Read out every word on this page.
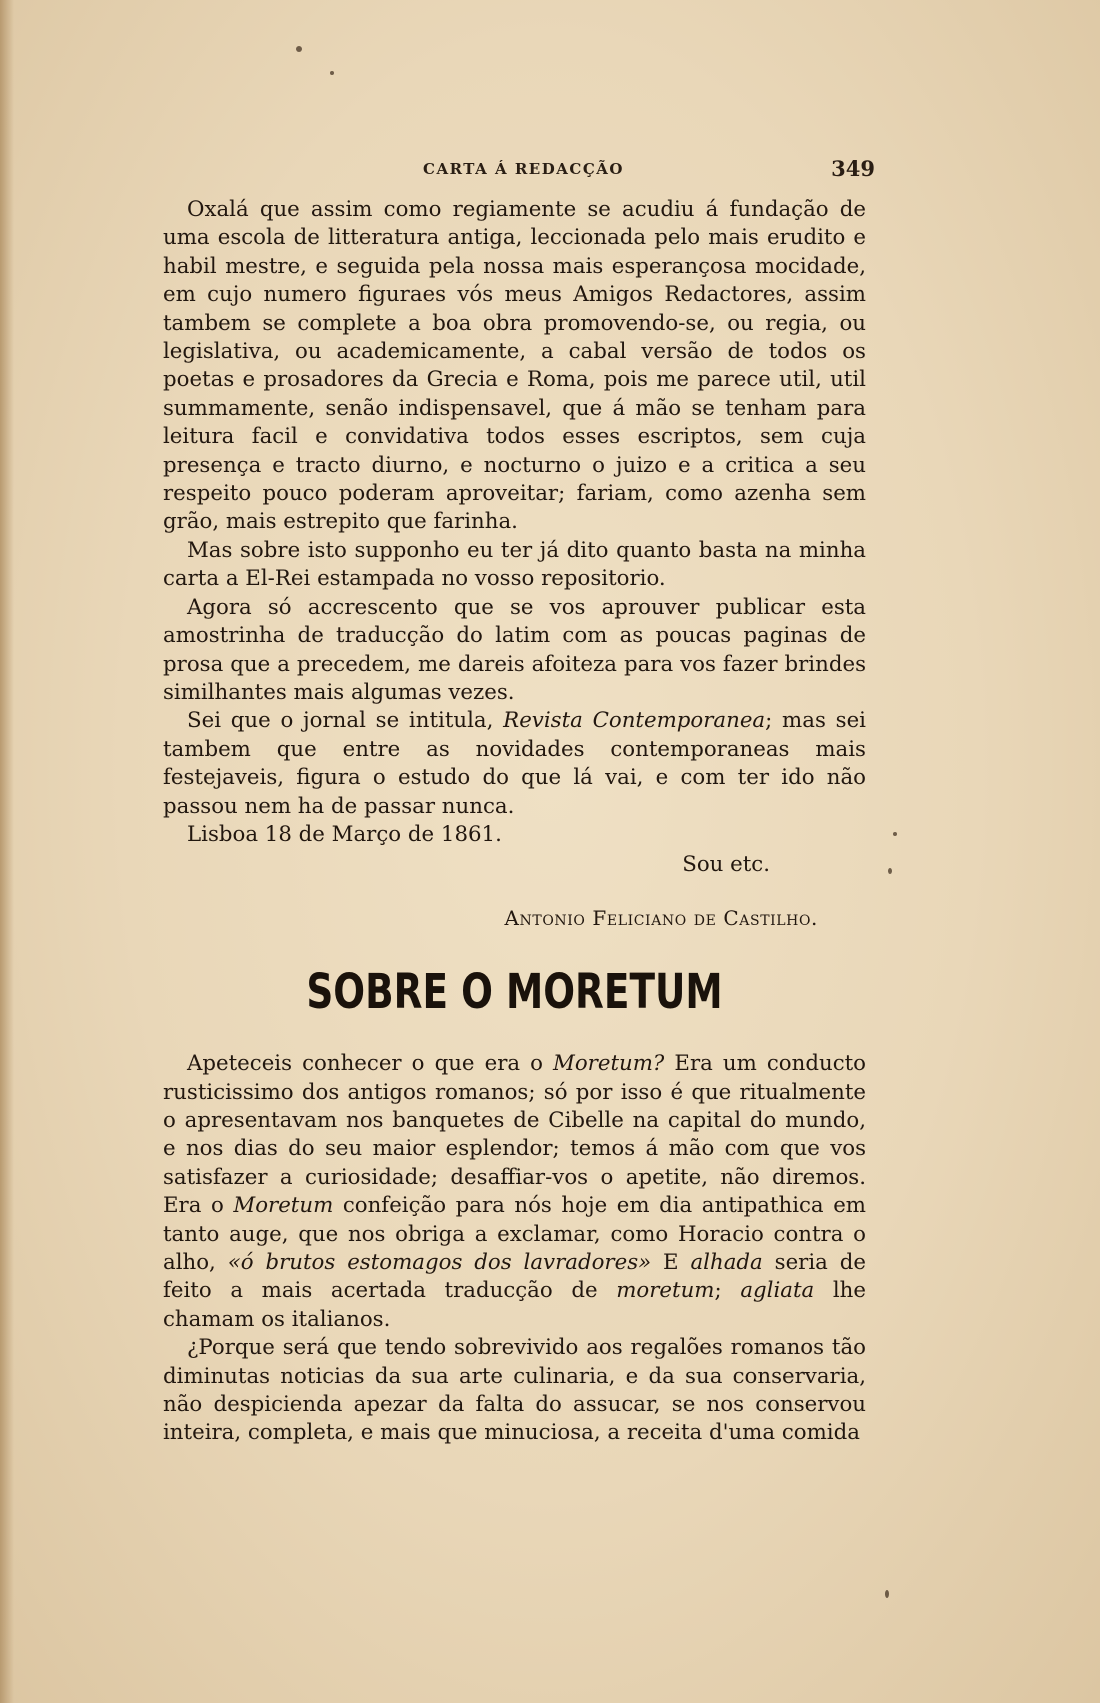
CARTA Á REDACÇÃO	349

Oxalá que assim como regiamente se acudiu á fundação de uma escola de litteratura antiga, leccionada pelo mais erudito e habil mestre, e seguida pela nossa mais esperançosa mocidade, em cujo numero figuraes vós meus Amigos Redactores, assim tambem se complete a boa obra promovendo-se, ou regia, ou legislativa, ou academicamente, a cabal versão de todos os poetas e prosadores da Grecia e Roma, pois me parece util, util summamente, senão indispensavel, que á mão se tenham para leitura facil e convidativa todos esses escriptos, sem cuja presença e tracto diurno, e nocturno o juizo e a critica a seu respeito pouco poderam aproveitar; fariam, como azenha sem grão, mais estrepito que farinha.

Mas sobre isto supponho eu ter já dito quanto basta na minha carta a El-Rei estampada no vosso repositorio.

Agora só accrescento que se vos aprouver publicar esta amostrinha de traducção do latim com as poucas paginas de prosa que a precedem, me dareis afoiteza para vos fazer brindes similhantes mais algumas vezes.

Sei que o jornal se intitula, Revista Contemporanea; mas sei tambem que entre as novidades contemporaneas mais festejaveis, figura o estudo do que lá vai, e com ter ido não passou nem ha de passar nunca.

Lisboa 18 de Março de 1861.

Sou etc.

Antonio Feliciano de Castilho.

SOBRE O MORETUM

Apeteceis conhecer o que era o Moretum? Era um conducto rusticissimo dos antigos romanos; só por isso é que ritualmente o apresentavam nos banquetes de Cibelle na capital do mundo, e nos dias do seu maior esplendor; temos á mão com que vos satisfazer a curiosidade; desaffiar-vos o apetite, não diremos. Era o Moretum confeição para nós hoje em dia antipathica em tanto auge, que nos obriga a exclamar, como Horacio contra o alho, «ó brutos estomagos dos lavradores» E alhada seria de feito a mais acertada traducção de moretum; agliata lhe chamam os italianos.

¿Porque será que tendo sobrevivido aos regalões romanos tão diminutas noticias da sua arte culinaria, e da sua conservaria, não despicienda apezar da falta do assucar, se nos conservou inteira, completa, e mais que minuciosa, a receita d'uma comida
